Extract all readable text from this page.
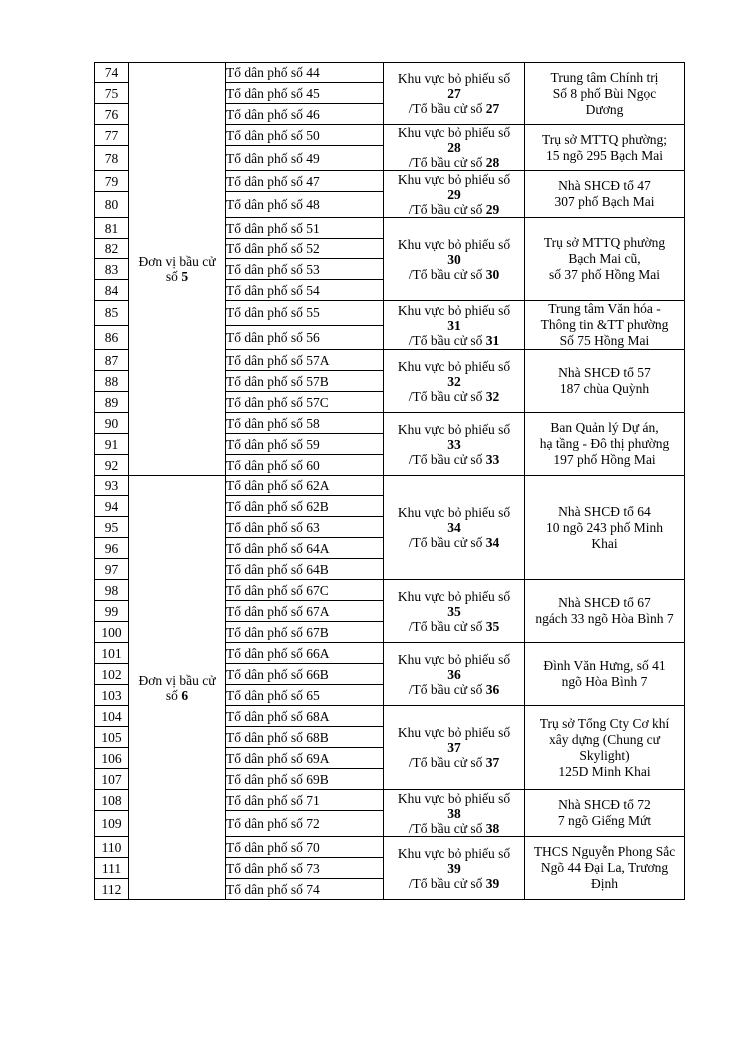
74	Đơn vị bầu cử
số 5	Tổ dân phố số 44	Khu vực bỏ phiếu số
27
/Tổ bầu cử số 27	Trung tâm Chính trị
Số 8 phố Bùi Ngọc
Dương

75		Tổ dân phố số 45		
76		Tổ dân phố số 46		
77		Tổ dân phố số 50	Khu vực bỏ phiếu số
28
/Tổ bầu cử số 28	Trụ sở MTTQ phường;
15 ngõ 295 Bạch Mai

78		Tổ dân phố số 49		
79		Tổ dân phố số 47	Khu vực bỏ phiếu số
29
/Tổ bầu cử số 29	Nhà SHCĐ tổ 47
307 phố Bạch Mai

80		Tổ dân phố số 48		
81		Tổ dân phố số 51	Khu vực bỏ phiếu số
30
/Tổ bầu cử số 30	Trụ sở MTTQ phường
Bạch Mai cũ,
số 37 phố Hồng Mai

82		Tổ dân phố số 52		
83		Tổ dân phố số 53		
84		Tổ dân phố số 54		
85		Tổ dân phố số 55	Khu vực bỏ phiếu số
31
/Tổ bầu cử số 31	Trung tâm Văn hóa -
Thông tin &TT phường
Số 75 Hồng Mai

86		Tổ dân phố số 56		
87		Tổ dân phố số 57A	Khu vực bỏ phiếu số
32
/Tổ bầu cử số 32	Nhà SHCĐ tổ 57
187 chùa Quỳnh

88		Tổ dân phố số 57B		
89		Tổ dân phố số 57C		
90		Tổ dân phố số 58	Khu vực bỏ phiếu số
33
/Tổ bầu cử số 33	Ban Quản lý Dự án,
hạ tầng - Đô thị phường
197 phố Hồng Mai

91		Tổ dân phố số 59		
92		Tổ dân phố số 60		
93	Đơn vị bầu cử
số 6	Tổ dân phố số 62A	Khu vực bỏ phiếu số
34
/Tổ bầu cử số 34	Nhà SHCĐ tổ 64
10 ngõ 243 phố Minh
Khai

94		Tổ dân phố số 62B		
95		Tổ dân phố số 63		
96		Tổ dân phố số 64A		
97		Tổ dân phố số 64B		
98		Tổ dân phố số 67C	Khu vực bỏ phiếu số
35
/Tổ bầu cử số 35	Nhà SHCĐ tổ 67
ngách 33 ngõ Hòa Bình 7

99		Tổ dân phố số 67A		
100		Tổ dân phố số 67B		
101		Tổ dân phố số 66A	Khu vực bỏ phiếu số
36
/Tổ bầu cử số 36	Đình Văn Hưng, số 41
ngõ Hòa Bình 7

102		Tổ dân phố số 66B		
103		Tổ dân phố số 65		
104		Tổ dân phố số 68A	Khu vực bỏ phiếu số
37
/Tổ bầu cử số 37	Trụ sở Tổng Cty Cơ khí
xây dựng (Chung cư
Skylight)
125D Minh Khai

105		Tổ dân phố số 68B		
106		Tổ dân phố số 69A		
107		Tổ dân phố số 69B		
108		Tổ dân phố số 71	Khu vực bỏ phiếu số
38
/Tổ bầu cử số 38	Nhà SHCĐ tổ 72
7 ngõ Giếng Mứt

109		Tổ dân phố số 72		
110		Tổ dân phố số 70	Khu vực bỏ phiếu số
39
/Tổ bầu cử số 39	THCS Nguyễn Phong Sắc
Ngõ 44 Đại La, Trương
Định

111		Tổ dân phố số 73		
112		Tổ dân phố số 74		
